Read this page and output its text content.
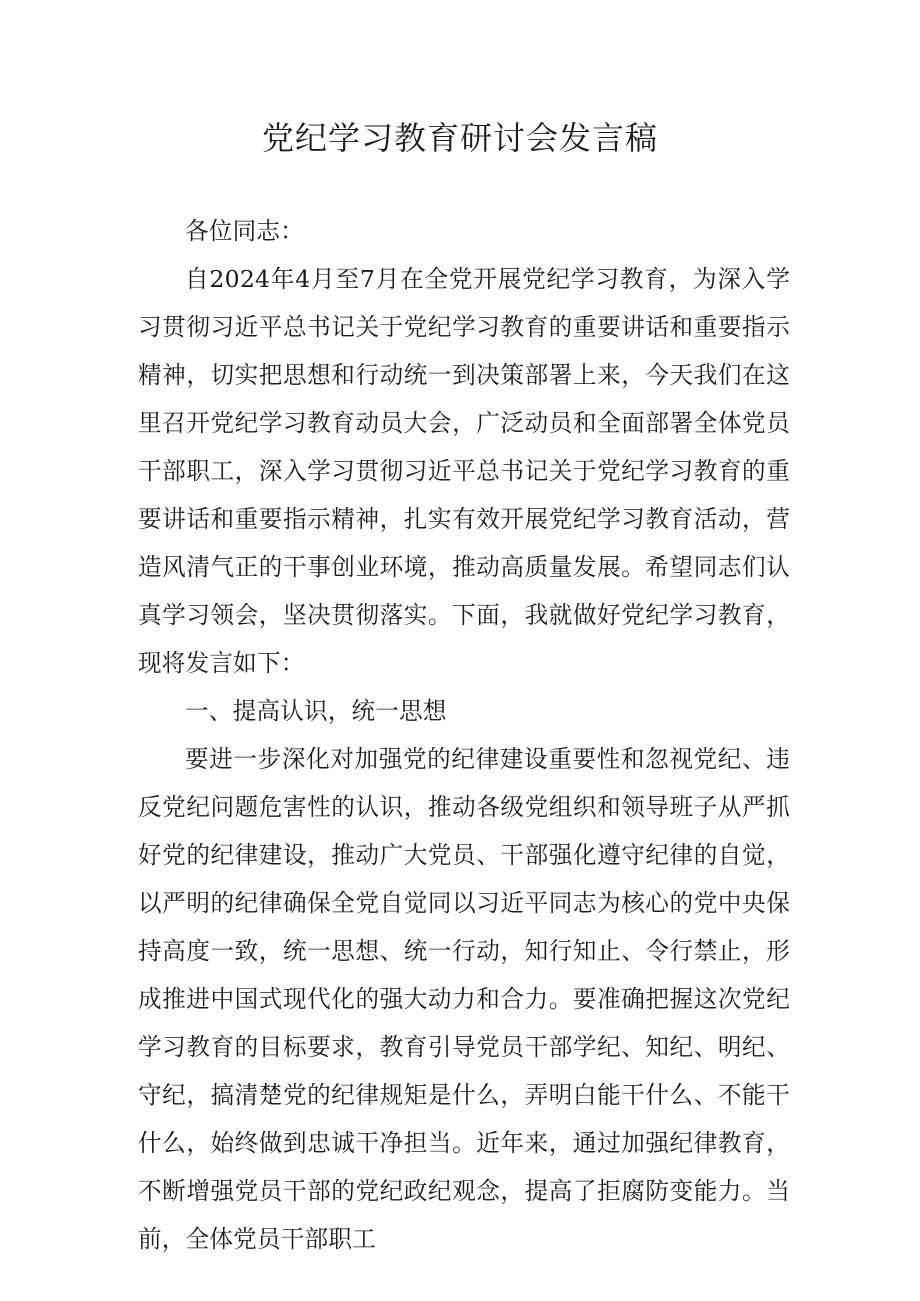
党纪学习教育研讨会发言稿

各位同志：

自2024年4月至7月在全党开展党纪学习教育，为深入学习贯彻习近平总书记关于党纪学习教育的重要讲话和重要指示精神，切实把思想和行动统一到决策部署上来，今天我们在这里召开党纪学习教育动员大会，广泛动员和全面部署全体党员干部职工，深入学习贯彻习近平总书记关于党纪学习教育的重要讲话和重要指示精神，扎实有效开展党纪学习教育活动，营造风清气正的干事创业环境，推动高质量发展。希望同志们认真学习领会，坚决贯彻落实。下面，我就做好党纪学习教育，现将发言如下：

一、提高认识，统一思想

要进一步深化对加强党的纪律建设重要性和忽视党纪、违反党纪问题危害性的认识，推动各级党组织和领导班子从严抓好党的纪律建设，推动广大党员、干部强化遵守纪律的自觉，以严明的纪律确保全党自觉同以习近平同志为核心的党中央保持高度一致，统一思想、统一行动，知行知止、令行禁止，形成推进中国式现代化的强大动力和合力。要准确把握这次党纪学习教育的目标要求，教育引导党员干部学纪、知纪、明纪、守纪，搞清楚党的纪律规矩是什么，弄明白能干什么、不能干什么，始终做到忠诚干净担当。近年来，通过加强纪律教育，不断增强党员干部的党纪政纪观念，提高了拒腐防变能力。当前，全体党员干部职工
